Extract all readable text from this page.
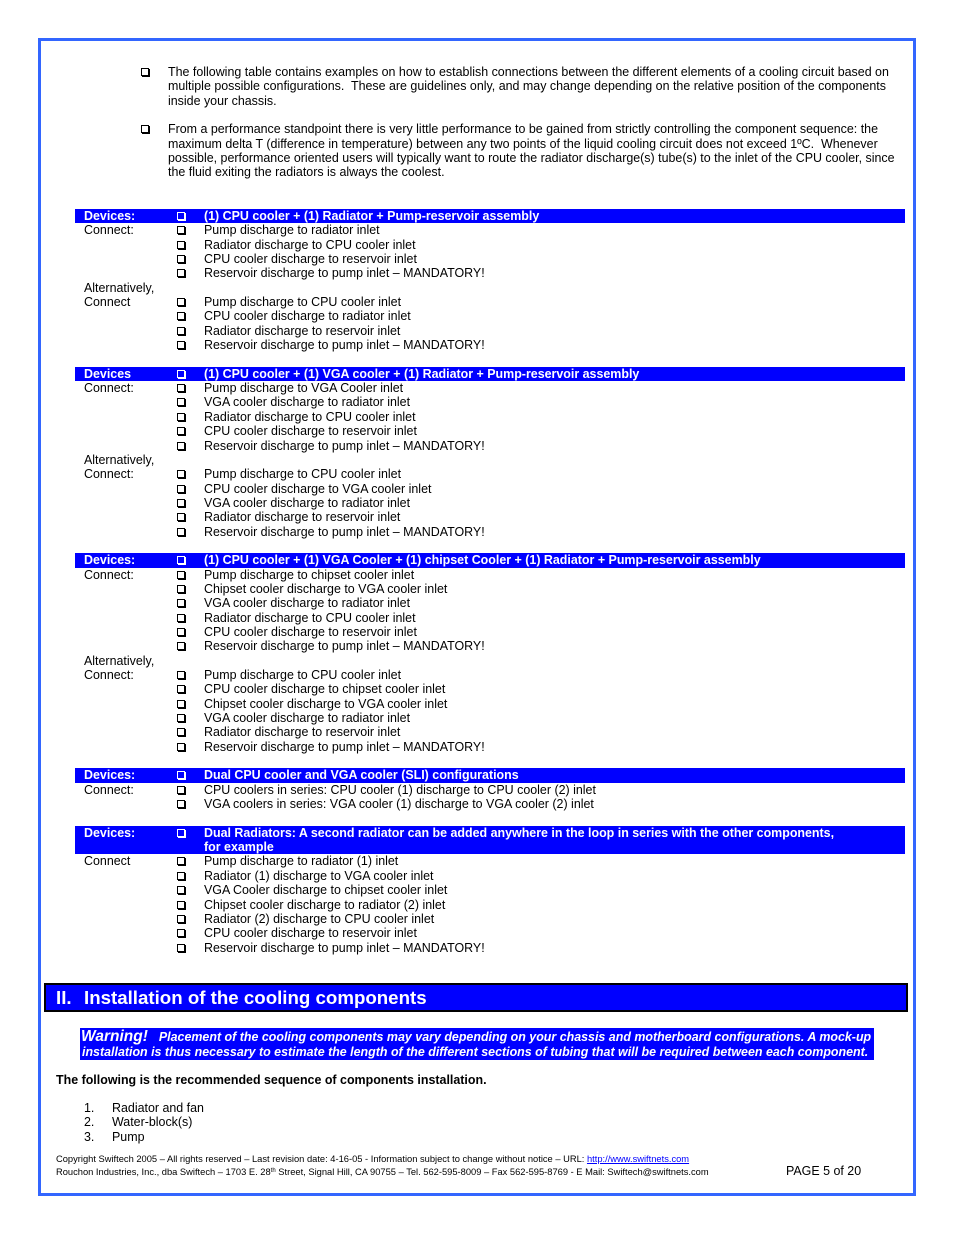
The following table contains examples on how to establish connections between the different elements of a cooling circuit based on multiple possible configurations.  These are guidelines only, and may change depending on the relative position of the components inside your chassis.
From a performance standpoint there is very little performance to be gained from strictly controlling the component sequence: the maximum delta T (difference in temperature) between any two points of the liquid cooling circuit does not exceed 1ºC.  Whenever possible, performance oriented users will typically want to route the radiator discharge(s) tube(s) to the inlet of the CPU cooler, since the fluid exiting the radiators is always the coolest.
Devices:	(1) CPU cooler + (1) Radiator + Pump-reservoir assembly
Connect:	Pump discharge to radiator inlet
Radiator discharge to CPU cooler inlet
CPU cooler discharge to reservoir inlet
Reservoir discharge to pump inlet – MANDATORY!
Alternatively,
Connect	Pump discharge to CPU cooler inlet
CPU cooler discharge to radiator inlet
Radiator discharge to reservoir inlet
Reservoir discharge to pump inlet – MANDATORY!
Devices	(1) CPU cooler + (1) VGA cooler + (1) Radiator + Pump-reservoir assembly
Connect:	Pump discharge to VGA Cooler inlet
VGA cooler discharge to radiator inlet
Radiator discharge to CPU cooler inlet
CPU cooler discharge to reservoir inlet
Reservoir discharge to pump inlet – MANDATORY!
Alternatively,
Connect:	Pump discharge to CPU cooler inlet
CPU cooler discharge to VGA cooler inlet
VGA cooler discharge to radiator inlet
Radiator discharge to reservoir inlet
Reservoir discharge to pump inlet – MANDATORY!
Devices:	(1) CPU cooler + (1) VGA Cooler + (1) chipset Cooler + (1) Radiator + Pump-reservoir assembly
Connect:	Pump discharge to chipset cooler inlet
Chipset cooler discharge to VGA cooler inlet
VGA cooler discharge to radiator inlet
Radiator discharge to CPU cooler inlet
CPU cooler discharge to reservoir inlet
Reservoir discharge to pump inlet – MANDATORY!
Alternatively,
Connect:	Pump discharge to CPU cooler inlet
CPU cooler discharge to chipset cooler inlet
Chipset cooler discharge to VGA cooler inlet
VGA cooler discharge to radiator inlet
Radiator discharge to reservoir inlet
Reservoir discharge to pump inlet – MANDATORY!
Devices:	Dual CPU cooler and VGA cooler (SLI) configurations
Connect:	CPU coolers in series: CPU cooler (1) discharge to CPU cooler (2) inlet
VGA coolers in series: VGA cooler (1) discharge to VGA cooler (2) inlet
Devices:	Dual Radiators: A second radiator can be added anywhere in the loop in series with the other components, for example
Connect	Pump discharge to radiator (1) inlet
Radiator (1) discharge to VGA cooler inlet
VGA Cooler discharge to chipset cooler inlet
Chipset cooler discharge to radiator (2) inlet
Radiator (2) discharge to CPU cooler inlet
CPU cooler discharge to reservoir inlet
Reservoir discharge to pump inlet – MANDATORY!
II. Installation of the cooling components
Warning! Placement of the cooling components may vary depending on your chassis and motherboard configurations. A mock-up
installation is thus necessary to estimate the length of the different sections of tubing that will be required between each component.
The following is the recommended sequence of components installation.
1. Radiator and fan
2. Water-block(s)
3. Pump
Copyright Swiftech 2005 – All rights reserved – Last revision date: 4-16-05 - Information subject to change without notice – URL: http://www.swiftnets.com
Rouchon Industries, Inc., dba Swiftech – 1703 E. 28th Street, Signal Hill, CA 90755 – Tel. 562-595-8009 – Fax 562-595-8769 - E Mail: Swiftech@swiftnets.com	PAGE 5 of 20
